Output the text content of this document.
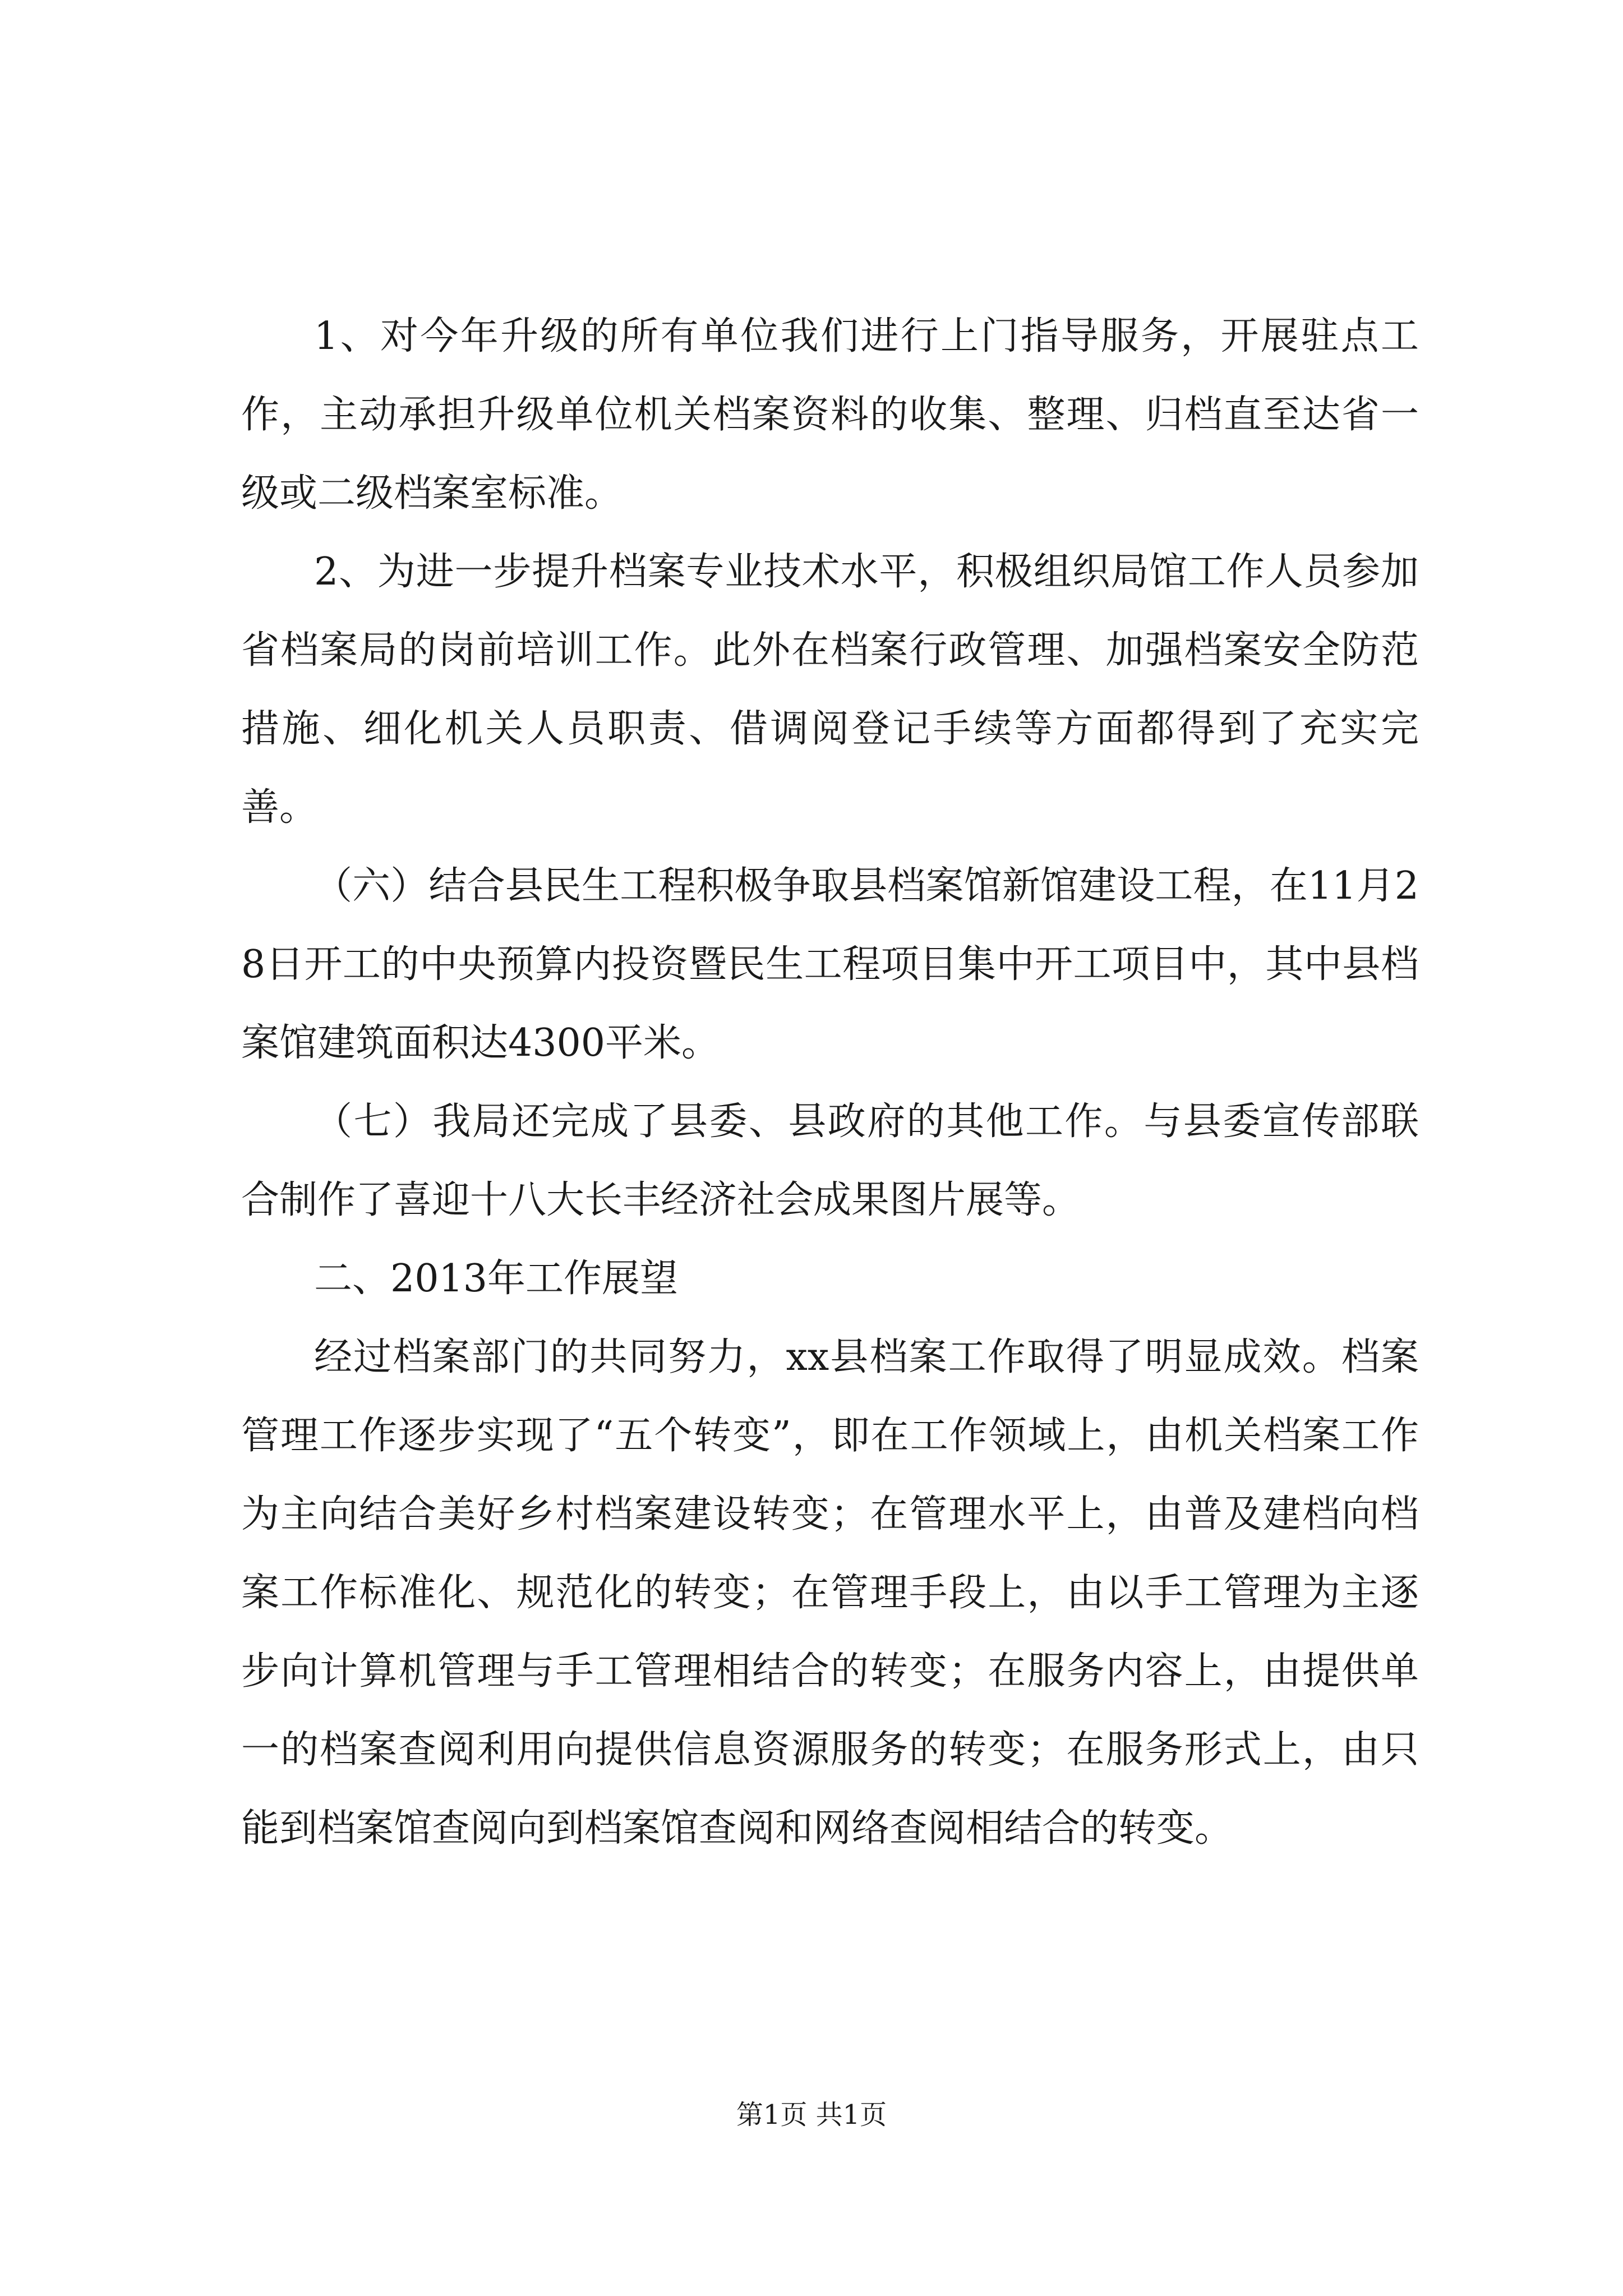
1、对今年升级的所有单位我们进行上门指导服务，开展驻点工作，主动承担升级单位机关档案资料的收集、整理、归档直至达省一级或二级档案室标准。

2、为进一步提升档案专业技术水平，积极组织局馆工作人员参加省档案局的岗前培训工作。此外在档案行政管理、加强档案安全防范措施、细化机关人员职责、借调阅登记手续等方面都得到了充实完善。

（六）结合县民生工程积极争取县档案馆新馆建设工程，在11月28日开工的中央预算内投资暨民生工程项目集中开工项目中，其中县档案馆建筑面积达4300平米。

（七）我局还完成了县委、县政府的其他工作。与县委宣传部联合制作了喜迎十八大长丰经济社会成果图片展等。

二、2013年工作展望

经过档案部门的共同努力，xx县档案工作取得了明显成效。档案管理工作逐步实现了“五个转变”，即在工作领域上，由机关档案工作为主向结合美好乡村档案建设转变；在管理水平上，由普及建档向档案工作标准化、规范化的转变；在管理手段上，由以手工管理为主逐步向计算机管理与手工管理相结合的转变；在服务内容上，由提供单一的档案查阅利用向提供信息资源服务的转变；在服务形式上，由只能到档案馆查阅向到档案馆查阅和网络查阅相结合的转变。

第1页 共1页
